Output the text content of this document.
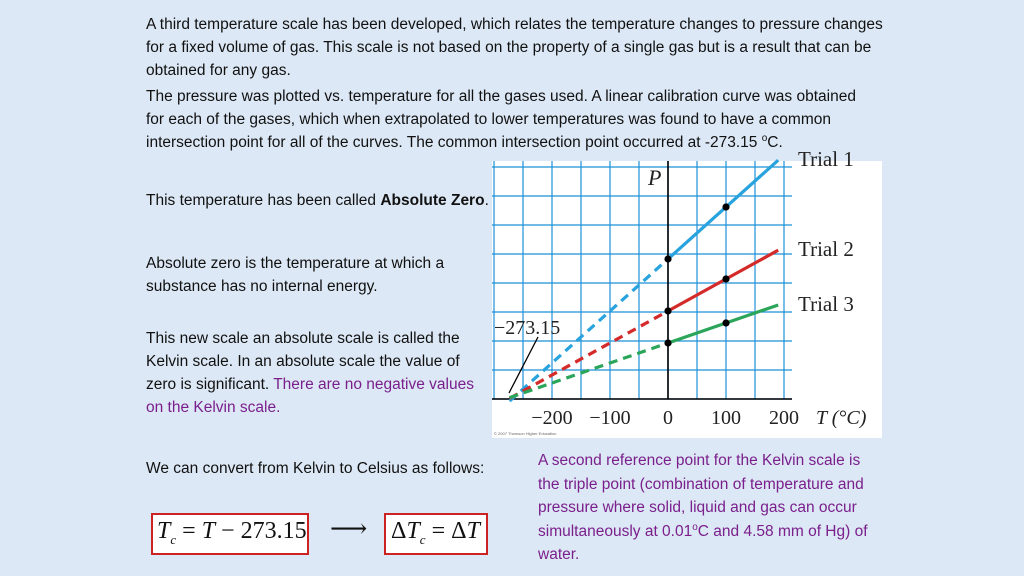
A third temperature scale has been developed, which relates the temperature changes to pressure changes for a fixed volume of gas. This scale is not based on the property of a single gas but is a result that can be obtained for any gas.
The pressure was plotted vs. temperature for all the gases used. A linear calibration curve was obtained for each of the gases, which when extrapolated to lower temperatures was found to have a common intersection point for all of the curves. The common intersection point occurred at -273.15 $^o$C.
This temperature has been called Absolute Zero.
Absolute zero is the temperature at which a substance has no internal energy.
This new scale an absolute scale is called the Kelvin scale. In an absolute scale the value of zero is significant. There are no negative values on the Kelvin scale.
We can convert from Kelvin to Celsius as follows:	A second reference point for the Kelvin scale is the triple point (combination of temperature and pressure where solid, liquid and gas can occur simultaneously at 0.01$^o$C and 4.58 mm of Hg) of water.
$T_c = T - 273.15$ ⟶ $\Delta T_c = \Delta T$
Trial 1
Trial 2
Trial 3
−273.15
P
−200 −100 0 100 200 T (°C)
© 2007 Thomson Higher Education
